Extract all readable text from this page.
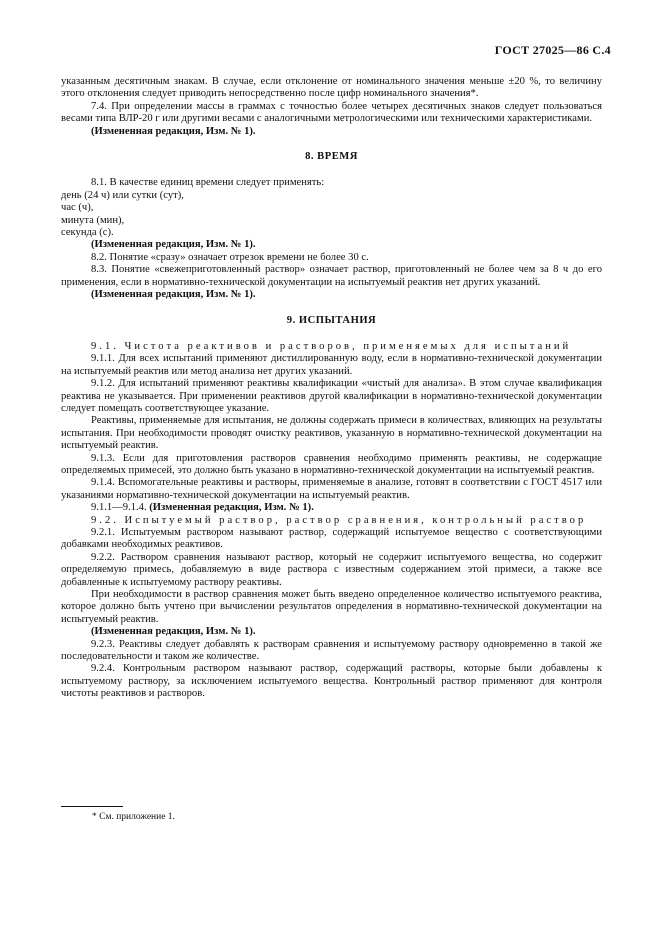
ГОСТ 27025—86 С.4

указанным десятичным знакам. В случае, если отклонение от номинального значения меньше ±20 %, то величину этого отклонения следует приводить непосредственно после цифр номинального значения*.

7.4. При определении массы в граммах с точностью более четырех десятичных знаков следует пользоваться весами типа ВЛР-20 г или другими весами с аналогичными метрологическими или техническими характеристиками.

(Измененная редакция, Изм. № 1).

8. ВРЕМЯ

8.1. В качестве единиц времени следует применять:

день (24 ч) или сутки (сут),

час (ч),

минута (мин),

секунда (с).

(Измененная редакция, Изм. № 1).

8.2. Понятие «сразу» означает отрезок времени не более 30 с.

8.3. Понятие «свежеприготовленный раствор» означает раствор, приготовленный не более чем за 8 ч до его применения, если в нормативно-технической документации на испытуемый реактив нет других указаний.

(Измененная редакция, Изм. № 1).

9. ИСПЫТАНИЯ

9.1. Чистота реактивов и растворов, применяемых для испытаний

9.1.1. Для всех испытаний применяют дистиллированную воду, если в нормативно-технической документации на испытуемый реактив или метод анализа нет других указаний.

9.1.2. Для испытаний применяют реактивы квалификации «чистый для анализа». В этом случае квалификация реактива не указывается. При применении реактивов другой квалификации в нормативно-технической документации следует помещать соответствующее указание.

Реактивы, применяемые для испытания, не должны содержать примеси в количествах, влияющих на результаты испытания. При необходимости проводят очистку реактивов, указанную в нормативно-технической документации на испытуемый реактив.

9.1.3. Если для приготовления растворов сравнения необходимо применять реактивы, не содержащие определяемых примесей, это должно быть указано в нормативно-технической документации на испытуемый реактив.

9.1.4. Вспомогательные реактивы и растворы, применяемые в анализе, готовят в соответствии с ГОСТ 4517 или указаниями нормативно-технической документации на испытуемый реактив.

9.1.1—9.1.4. (Измененная редакция, Изм. № 1).

9.2. Испытуемый раствор, раствор сравнения, контрольный раствор

9.2.1. Испытуемым раствором называют раствор, содержащий испытуемое вещество с соответствующими добавками необходимых реактивов.

9.2.2. Раствором сравнения называют раствор, который не содержит испытуемого вещества, но содержит определяемую примесь, добавляемую в виде раствора с известным содержанием этой примеси, а также все добавленные к испытуемому раствору реактивы.

При необходимости в раствор сравнения может быть введено определенное количество испытуемого реактива, которое должно быть учтено при вычислении результатов определения в нормативно-технической документации на испытуемый реактив.

(Измененная редакция, Изм. № 1).

9.2.3. Реактивы следует добавлять к растворам сравнения и испытуемому раствору одновременно в такой же последовательности и таком же количестве.

9.2.4. Контрольным раствором называют раствор, содержащий растворы, которые были добавлены к испытуемому раствору, за исключением испытуемого вещества. Контрольный раствор применяют для контроля чистоты реактивов и растворов.

* См. приложение 1.
